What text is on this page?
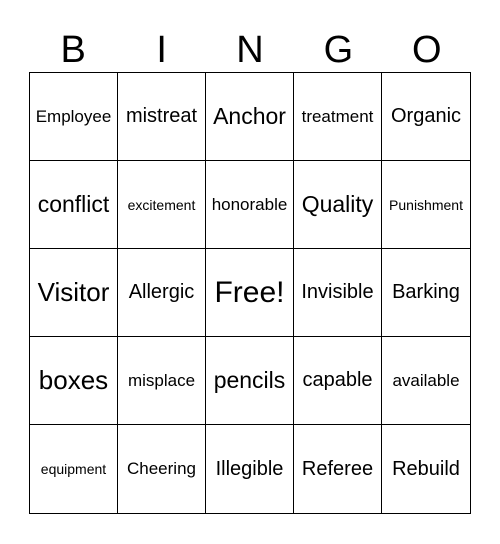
B	I	N	G	O
Employee mistreat Anchor treatment Organic
conflict	excitement honorable Quality	Punishment
Visitor Allergic Free! Invisible Barking
boxes	misplace pencils capable	available
equipment	Cheering Illegible Referee Rebuild
